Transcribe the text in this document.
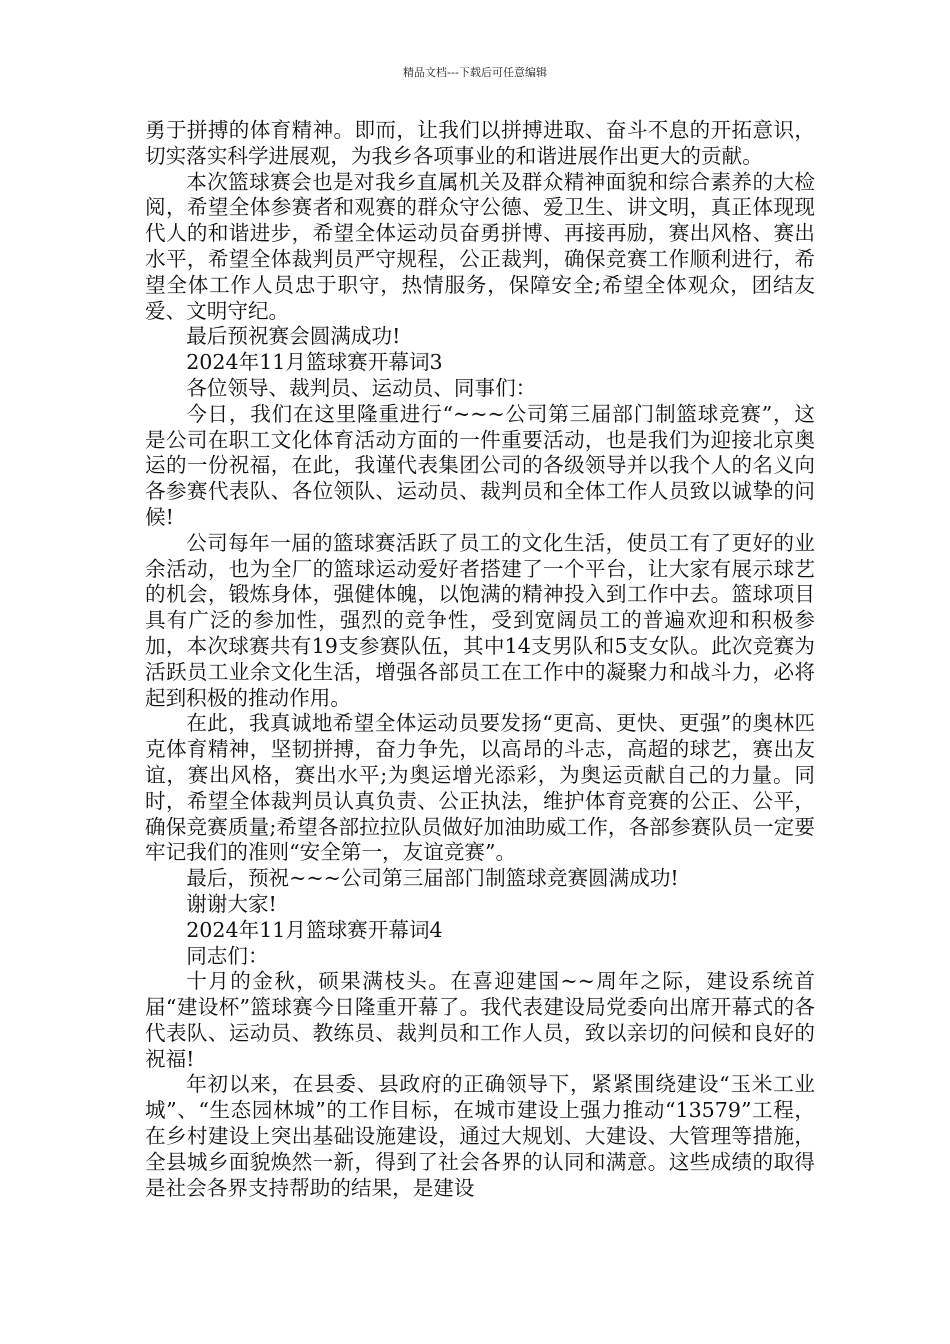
精品文档---下载后可任意编辑

勇于拼搏的体育精神。即而，让我们以拼搏进取、奋斗不息的开拓意识，切实落实科学进展观，为我乡各项事业的和谐进展作出更大的贡献。

本次篮球赛会也是对我乡直属机关及群众精神面貌和综合素养的大检阅，希望全体参赛者和观赛的群众守公德、爱卫生、讲文明，真正体现现代人的和谐进步，希望全体运动员奋勇拼博、再接再励，赛出风格、赛出水平，希望全体裁判员严守规程，公正裁判，确保竞赛工作顺利进行，希望全体工作人员忠于职守，热情服务，保障安全;希望全体观众，团结友爱、文明守纪。

最后预祝赛会圆满成功!

2024年11月篮球赛开幕词3

各位领导、裁判员、运动员、同事们：

今日，我们在这里隆重进行“~~~公司第三届部门制篮球竞赛”，这是公司在职工文化体育活动方面的一件重要活动，也是我们为迎接北京奥运的一份祝福，在此，我谨代表集团公司的各级领导并以我个人的名义向各参赛代表队、各位领队、运动员、裁判员和全体工作人员致以诚挚的问候!

公司每年一届的篮球赛活跃了员工的文化生活，使员工有了更好的业余活动，也为全厂的篮球运动爱好者搭建了一个平台，让大家有展示球艺的机会，锻炼身体，强健体魄，以饱满的精神投入到工作中去。篮球项目具有广泛的参加性，强烈的竞争性，受到宽阔员工的普遍欢迎和积极参加，本次球赛共有19支参赛队伍，其中14支男队和5支女队。此次竞赛为活跃员工业余文化生活，增强各部员工在工作中的凝聚力和战斗力，必将起到积极的推动作用。

在此，我真诚地希望全体运动员要发扬“更高、更快、更强”的奥林匹克体育精神，坚韧拼搏，奋力争先，以高昂的斗志，高超的球艺，赛出友谊，赛出风格，赛出水平;为奥运增光添彩，为奥运贡献自己的力量。同时，希望全体裁判员认真负责、公正执法，维护体育竞赛的公正、公平，确保竞赛质量;希望各部拉拉队员做好加油助威工作，各部参赛队员一定要牢记我们的准则“安全第一，友谊竞赛”。

最后，预祝~~~公司第三届部门制篮球竞赛圆满成功!

谢谢大家!

2024年11月篮球赛开幕词4

同志们：

十月的金秋，硕果满枝头。在喜迎建国~~周年之际，建设系统首届“建设杯”篮球赛今日隆重开幕了。我代表建设局党委向出席开幕式的各代表队、运动员、教练员、裁判员和工作人员，致以亲切的问候和良好的祝福!

年初以来，在县委、县政府的正确领导下，紧紧围绕建设“玉米工业城”、“生态园林城”的工作目标，在城市建设上强力推动“13579”工程，在乡村建设上突出基础设施建设，通过大规划、大建设、大管理等措施，全县城乡面貌焕然一新，得到了社会各界的认同和满意。这些成绩的取得是社会各界支持帮助的结果，是建设
